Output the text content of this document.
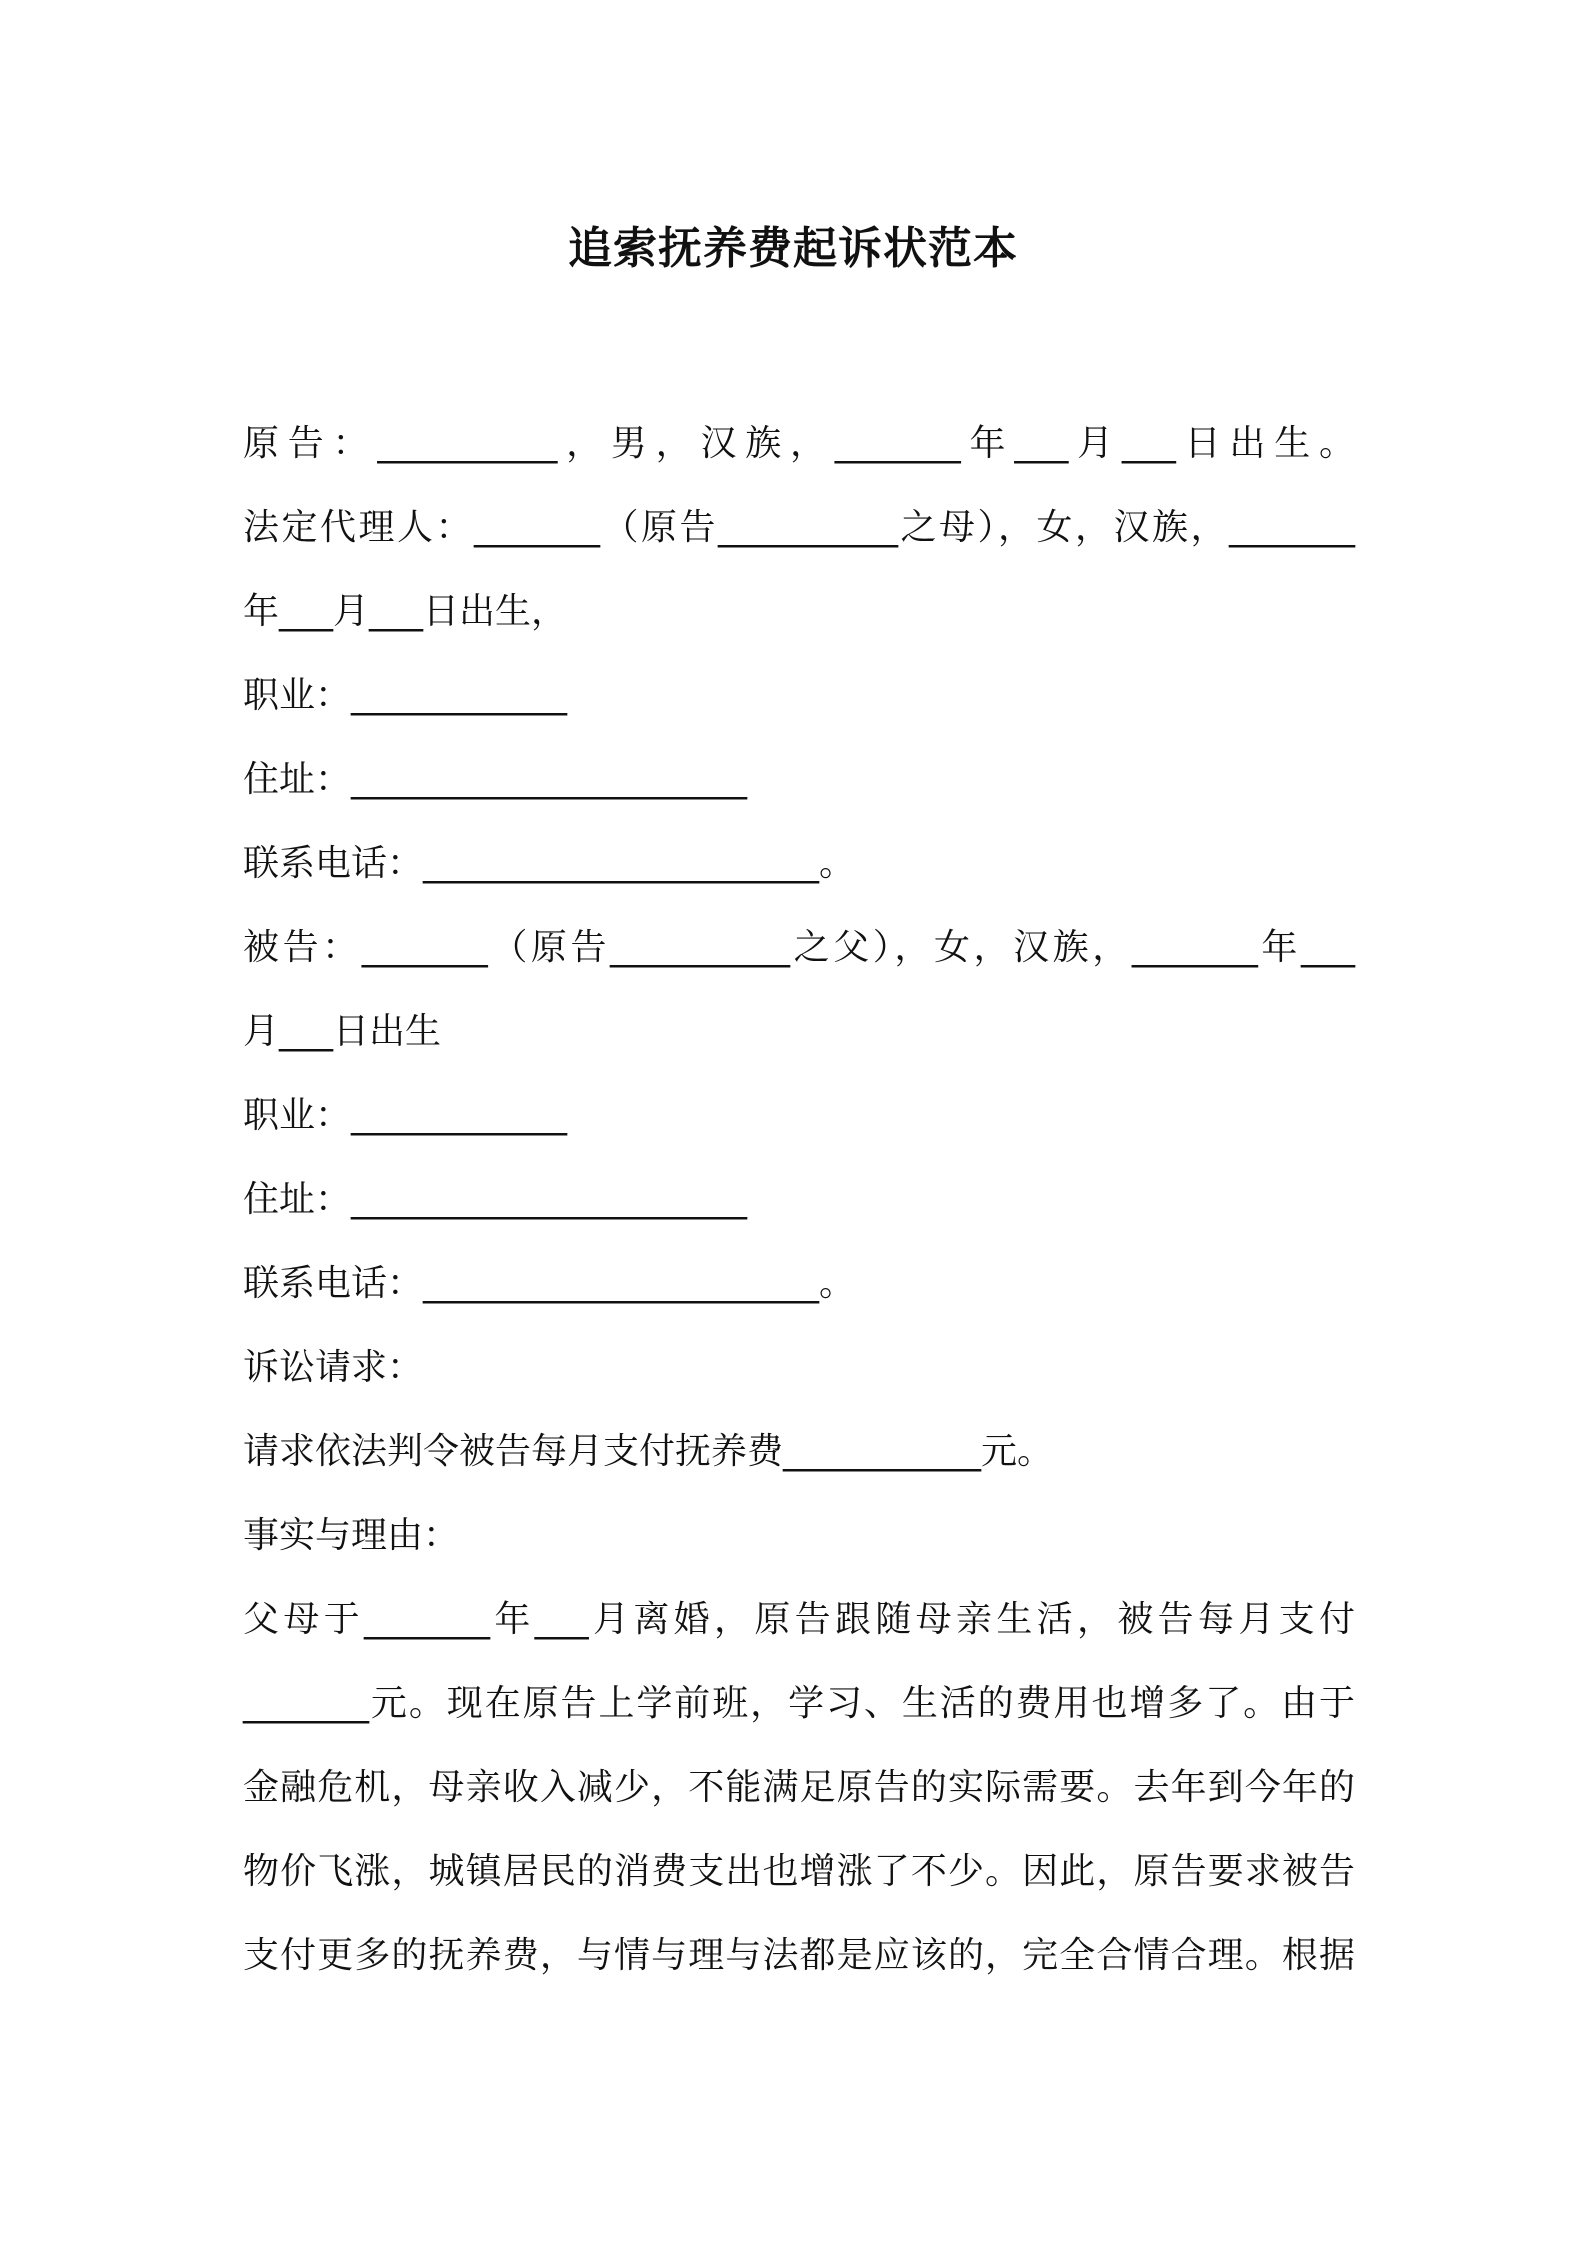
追索抚养费起诉状范本

原告：__________，男，汉族，_______年___月___日出生。

法定代理人：_______（原告__________之母），女，汉族，_______

年___月___日出生，

职业：____________

住址：______________________

联系电话：______________________。

被告：_______（原告__________之父），女，汉族，_______年___

月___日出生

职业：____________

住址：______________________

联系电话：______________________。

诉讼请求：

请求依法判令被告每月支付抚养费___________元。

事实与理由：

父母于_______年___月离婚，原告跟随母亲生活，被告每月支付

_______元。现在原告上学前班，学习、生活的费用也增多了。由于

金融危机，母亲收入减少，不能满足原告的实际需要。去年到今年的

物价飞涨，城镇居民的消费支出也增涨了不少。因此，原告要求被告

支付更多的抚养费，与情与理与法都是应该的，完全合情合理。根据
